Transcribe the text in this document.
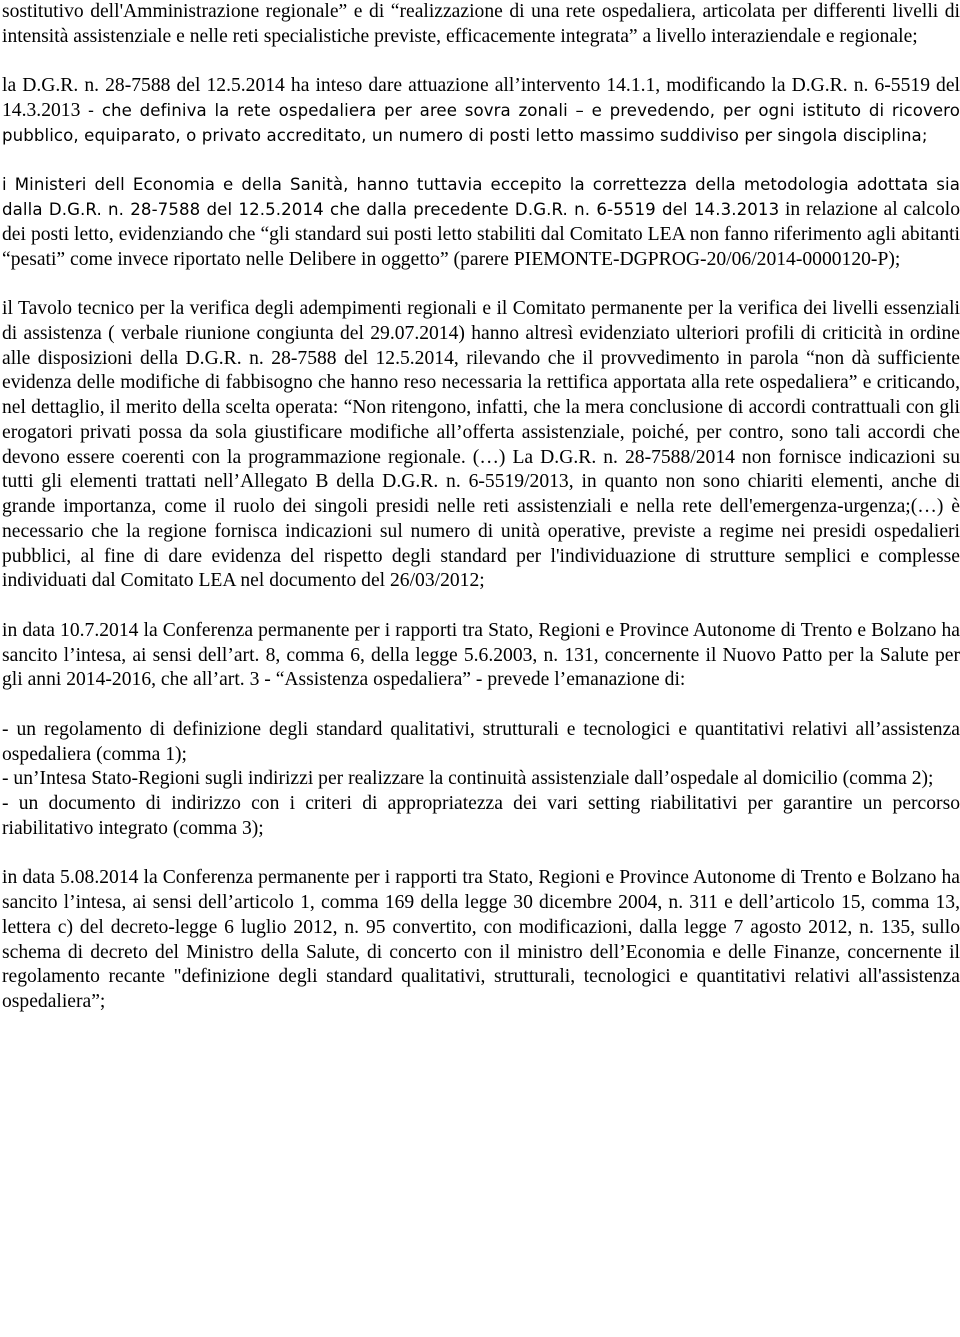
sostitutivo dell'Amministrazione regionale” e di “realizzazione di una rete ospedaliera, articolata per differenti livelli di intensità assistenziale e nelle reti specialistiche previste, efficacemente integrata” a livello interaziendale e regionale;

la D.G.R. n. 28-7588 del 12.5.2014 ha inteso dare attuazione all’intervento 14.1.1, modificando la D.G.R. n. 6-5519 del 14.3.2013 - che definiva la rete ospedaliera per aree sovra zonali – e prevedendo, per ogni istituto di ricovero pubblico, equiparato, o privato accreditato, un numero di posti letto massimo suddiviso per singola disciplina;

i Ministeri dell Economia e della Sanità, hanno tuttavia eccepito la correttezza della metodologia adottata sia dalla D.G.R. n. 28-7588 del 12.5.2014 che dalla precedente D.G.R. n. 6-5519 del 14.3.2013 in relazione al calcolo dei posti letto, evidenziando che “gli standard sui posti letto stabiliti dal Comitato LEA non fanno riferimento agli abitanti “pesati” come invece riportato nelle Delibere in oggetto” (parere PIEMONTE-DGPROG-20/06/2014-0000120-P);

il Tavolo tecnico per la verifica degli adempimenti regionali e il Comitato permanente per la verifica dei livelli essenziali di assistenza ( verbale riunione congiunta del 29.07.2014) hanno altresì evidenziato ulteriori profili di criticità in ordine alle disposizioni della D.G.R. n. 28-7588 del 12.5.2014, rilevando che il provvedimento in parola “non dà sufficiente evidenza delle modifiche di fabbisogno che hanno reso necessaria la rettifica apportata alla rete ospedaliera” e criticando, nel dettaglio, il merito della scelta operata: “Non ritengono, infatti, che la mera conclusione di accordi contrattuali con gli erogatori privati possa da sola giustificare modifiche all’offerta assistenziale, poiché, per contro, sono tali accordi che devono essere coerenti con la programmazione regionale. (…) La D.G.R. n. 28-7588/2014 non fornisce indicazioni su tutti gli elementi trattati nell’Allegato B della D.G.R. n. 6-5519/2013, in quanto non sono chiariti elementi, anche di grande importanza, come il ruolo dei singoli presidi nelle reti assistenziali e nella rete dell'emergenza-urgenza;(…) è necessario che la regione fornisca indicazioni sul numero di unità operative, previste a regime nei presidi ospedalieri pubblici, al fine di dare evidenza del rispetto degli standard per l'individuazione di strutture semplici e complesse individuati dal Comitato LEA nel documento del 26/03/2012;

in data 10.7.2014 la Conferenza permanente per i rapporti tra Stato, Regioni e Province Autonome di Trento e Bolzano ha sancito l’intesa, ai sensi dell’art. 8, comma 6, della legge 5.6.2003, n. 131, concernente il Nuovo Patto per la Salute per gli anni 2014-2016, che all’art. 3 - “Assistenza ospedaliera” - prevede l’emanazione di:

- un regolamento di definizione degli standard qualitativi, strutturali e tecnologici e quantitativi relativi all’assistenza ospedaliera (comma 1);

- un’Intesa Stato-Regioni sugli indirizzi per realizzare la continuità assistenziale dall’ospedale al domicilio (comma 2);

- un documento di indirizzo con i criteri di appropriatezza dei vari setting riabilitativi per garantire un percorso riabilitativo integrato (comma 3);

in data 5.08.2014 la Conferenza permanente per i rapporti tra Stato, Regioni e Province Autonome di Trento e Bolzano ha sancito l’intesa, ai sensi dell’articolo 1, comma 169 della legge 30 dicembre 2004, n. 311 e dell’articolo 15, comma 13, lettera c) del decreto-legge 6 luglio 2012, n. 95 convertito, con modificazioni, dalla legge 7 agosto 2012, n. 135, sullo schema di decreto del Ministro della Salute, di concerto con il ministro dell’Economia e delle Finanze, concernente il regolamento recante "definizione degli standard qualitativi, strutturali, tecnologici e quantitativi relativi all'assistenza ospedaliera”;
